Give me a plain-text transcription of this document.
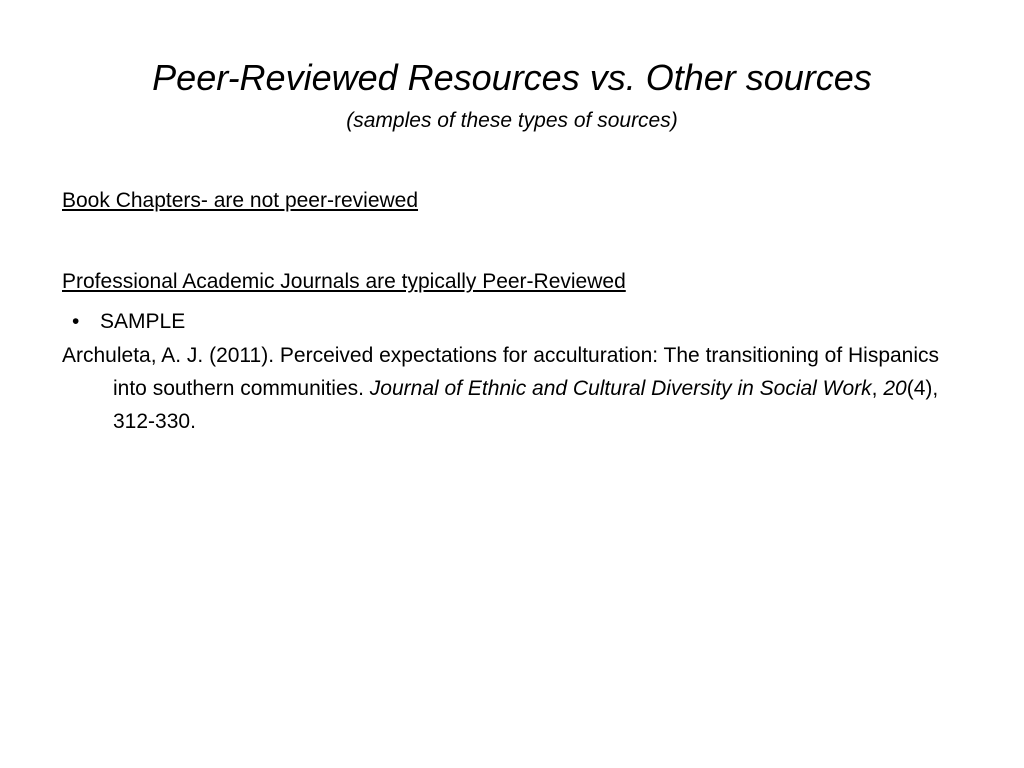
Peer-Reviewed Resources vs. Other sources

(samples of these types of sources)

Book Chapters- are not peer-reviewed

Professional Academic Journals are typically Peer-Reviewed

• SAMPLE

Archuleta, A. J. (2011). Perceived expectations for acculturation: The transitioning of Hispanics into southern communities. Journal of Ethnic and Cultural Diversity in Social Work, 20(4), 312-330.
